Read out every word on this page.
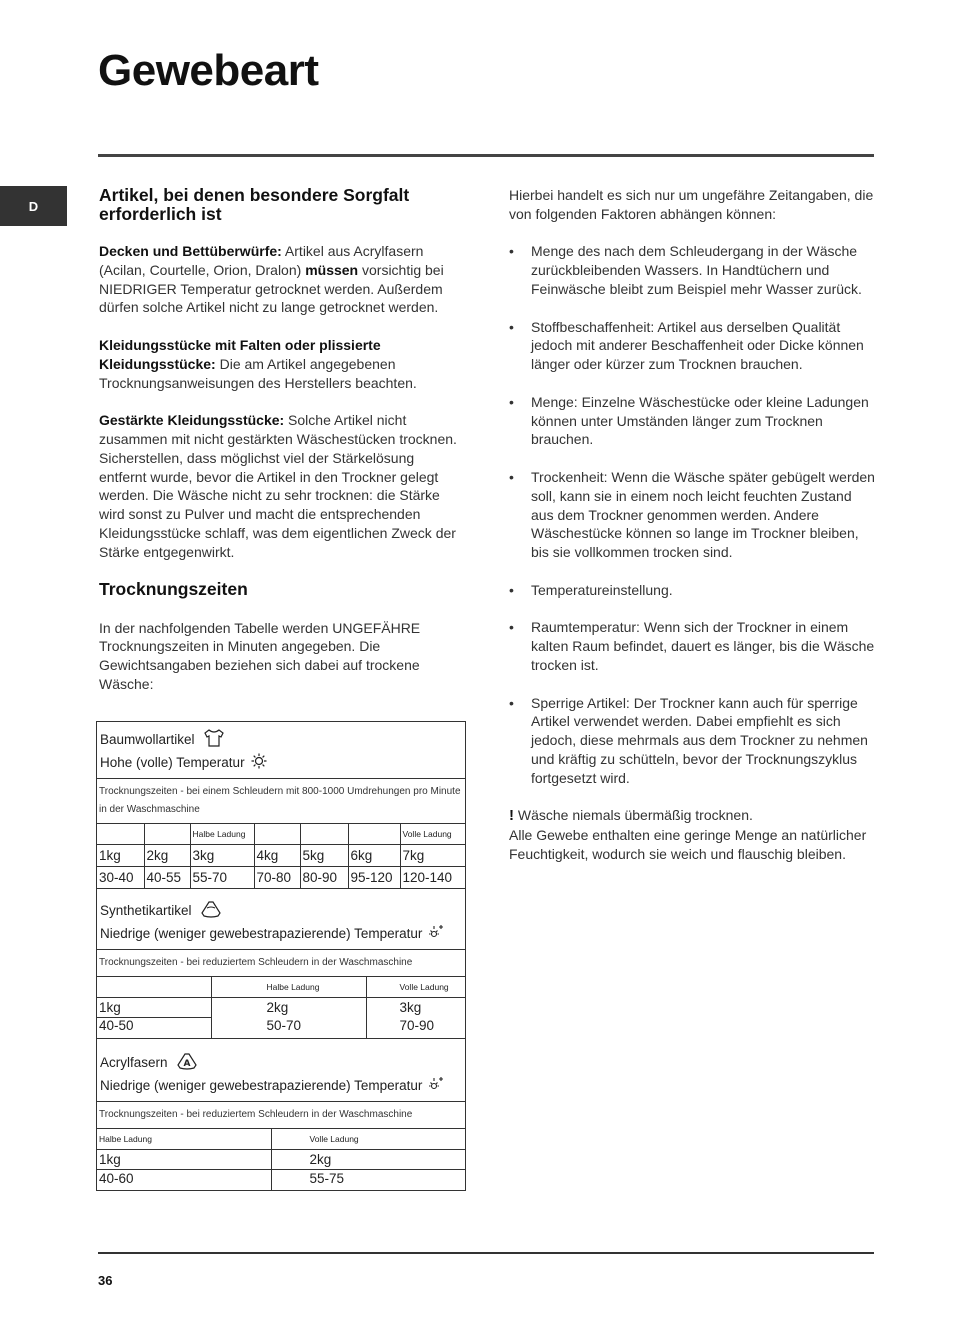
Gewebeart
D
Artikel, bei denen besondere Sorgfalt erforderlich ist

Decken und Bettüberwürfe: Artikel aus Acrylfasern (Acilan, Courtelle, Orion, Dralon) müssen vorsichtig bei NIEDRIGER Temperatur getrocknet werden. Außerdem dürfen solche Artikel nicht zu lange getrocknet werden.

Kleidungsstücke mit Falten oder plissierte Kleidungsstücke: Die am Artikel angegebenen Trocknungsanweisungen des Herstellers beachten.

Gestärkte Kleidungsstücke: Solche Artikel nicht zusammen mit nicht gestärkten Wäschestücken trocknen. Sicherstellen, dass möglichst viel der Stärkelösung entfernt wurde, bevor die Artikel in den Trockner gelegt werden. Die Wäsche nicht zu sehr trocknen: die Stärke wird sonst zu Pulver und macht die entsprechenden Kleidungsstücke schlaff, was dem eigentlichen Zweck der Stärke entgegenwirkt.

Trocknungszeiten

In der nachfolgenden Tabelle werden UNGEFÄHRE Trocknungszeiten in Minuten angegeben. Die Gewichtsangaben beziehen sich dabei auf trockene Wäsche:

Baumwollartikel
Hohe (volle) Temperatur
Trocknungszeiten - bei einem Schleudern mit 800-1000 Umdrehungen pro Minute in der Waschmaschine
		Halbe Ladung				Volle Ladung
1kg	2kg	3kg	4kg	5kg	6kg	7kg
30-40	40-55	55-70	70-80	80-90	95-120	120-140
Synthetikartikel
Niedrige (weniger gewebestrapazierende) Temperatur
Trocknungszeiten - bei reduziertem Schleudern in der Waschmaschine
	Halbe Ladung	Volle Ladung
1kg	2kg	3kg
40-50	50-70	70-90
Acrylfasern A

Niedrige (weniger gewebestrapazierende) Temperatur
Trocknungszeiten - bei reduziertem Schleudern in der Waschmaschine
Halbe Ladung	Volle Ladung
1kg	2kg
40-60	55-75

Hierbei handelt es sich nur um ungefähre Zeitangaben, die von folgenden Faktoren abhängen können:

• Menge des nach dem Schleudergang in der Wäsche zurückbleibenden Wassers. In Handtüchern und Feinwäsche bleibt zum Beispiel mehr Wasser zurück.
• Stoffbeschaffenheit: Artikel aus derselben Qualität jedoch mit anderer Beschaffenheit oder Dicke können länger oder kürzer zum Trocknen brauchen.
• Menge: Einzelne Wäschestücke oder kleine Ladungen können unter Umständen länger zum Trocknen brauchen.
• Trockenheit: Wenn die Wäsche später gebügelt werden soll, kann sie in einem noch leicht feuchten Zustand aus dem Trockner genommen werden. Andere Wäschestücke können so lange im Trockner bleiben, bis sie vollkommen trocken sind.
• Temperatureinstellung.
• Raumtemperatur: Wenn sich der Trockner in einem kalten Raum befindet, dauert es länger, bis die Wäsche trocken ist.
• Sperrige Artikel: Der Trockner kann auch für sperrige Artikel verwendet werden. Dabei empfiehlt es sich jedoch, diese mehrmals aus dem Trockner zu nehmen und kräftig zu schütteln, bevor der Trocknungszyklus fortgesetzt wird.

! Wäsche niemals übermäßig trocknen.
Alle Gewebe enthalten eine geringe Menge an natürlicher Feuchtigkeit, wodurch sie weich und flauschig bleiben.

36
